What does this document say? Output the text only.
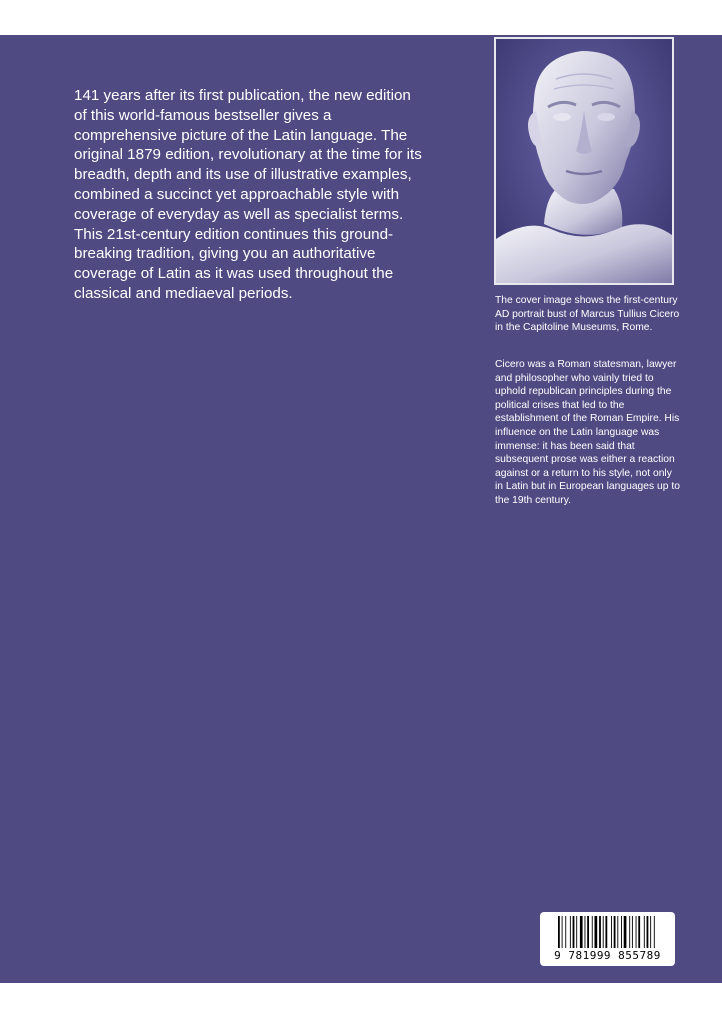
141 years after its first publication, the new edition of this world-famous bestseller gives a comprehensive picture of the Latin language. The original 1879 edition, revolutionary at the time for its breadth, depth and its use of illustrative examples, combined a succinct yet approachable style with coverage of everyday as well as specialist terms. This 21st-century edition continues this ground-breaking tradition, giving you an authoritative coverage of Latin as it was used throughout the classical and mediaeval periods.	The cover image shows the first-century AD portrait bust of Marcus Tullius Cicero in the Capitoline Museums, Rome.

Cicero was a Roman statesman, lawyer and philosopher who vainly tried to uphold republican principles during the political crises that led to the establishment of the Roman Empire. His influence on the Latin language was immense: it has been said that subsequent prose was either a reaction against or a return to his style, not only in Latin but in European languages up to the 19th century.

9 781999 855789
